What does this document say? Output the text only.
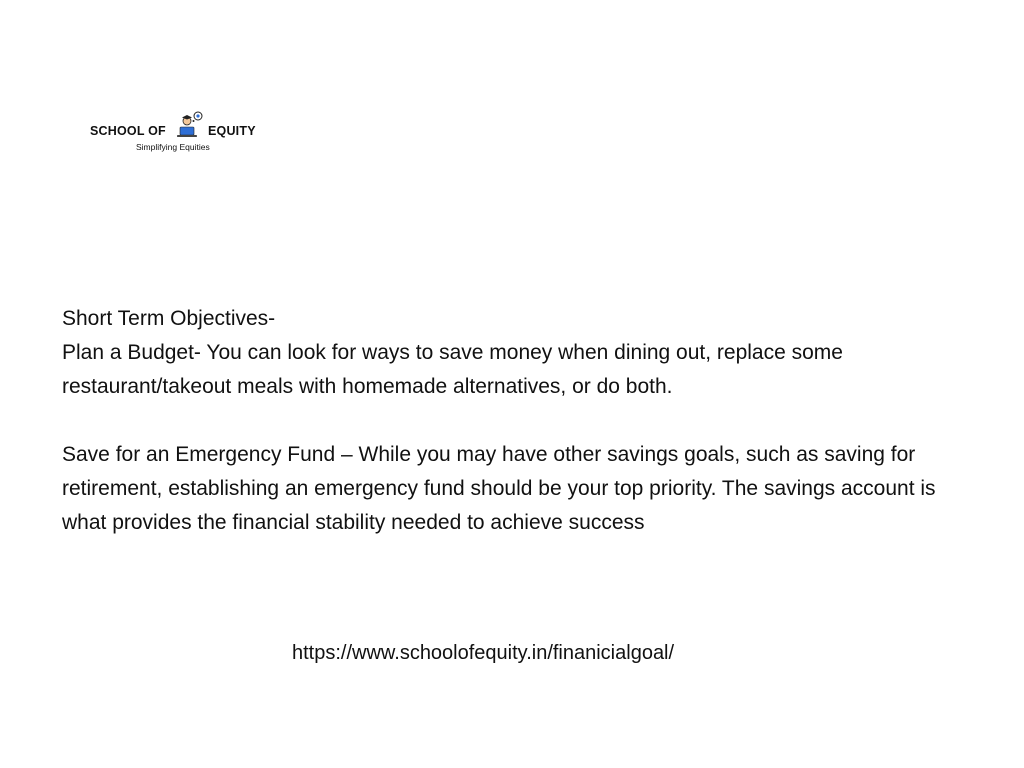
SCHOOL OF	EQUITY
Simplifying Equities

Short Term Objectives-

Plan a Budget- You can look for ways to save money when dining out, replace some restaurant/takeout meals with homemade alternatives, or do both.

Save for an Emergency Fund – While you may have other savings goals, such as saving for retirement, establishing an emergency fund should be your top priority. The savings account is what provides the financial stability needed to achieve success

https://www.schoolofequity.in/finanicialgoal/
